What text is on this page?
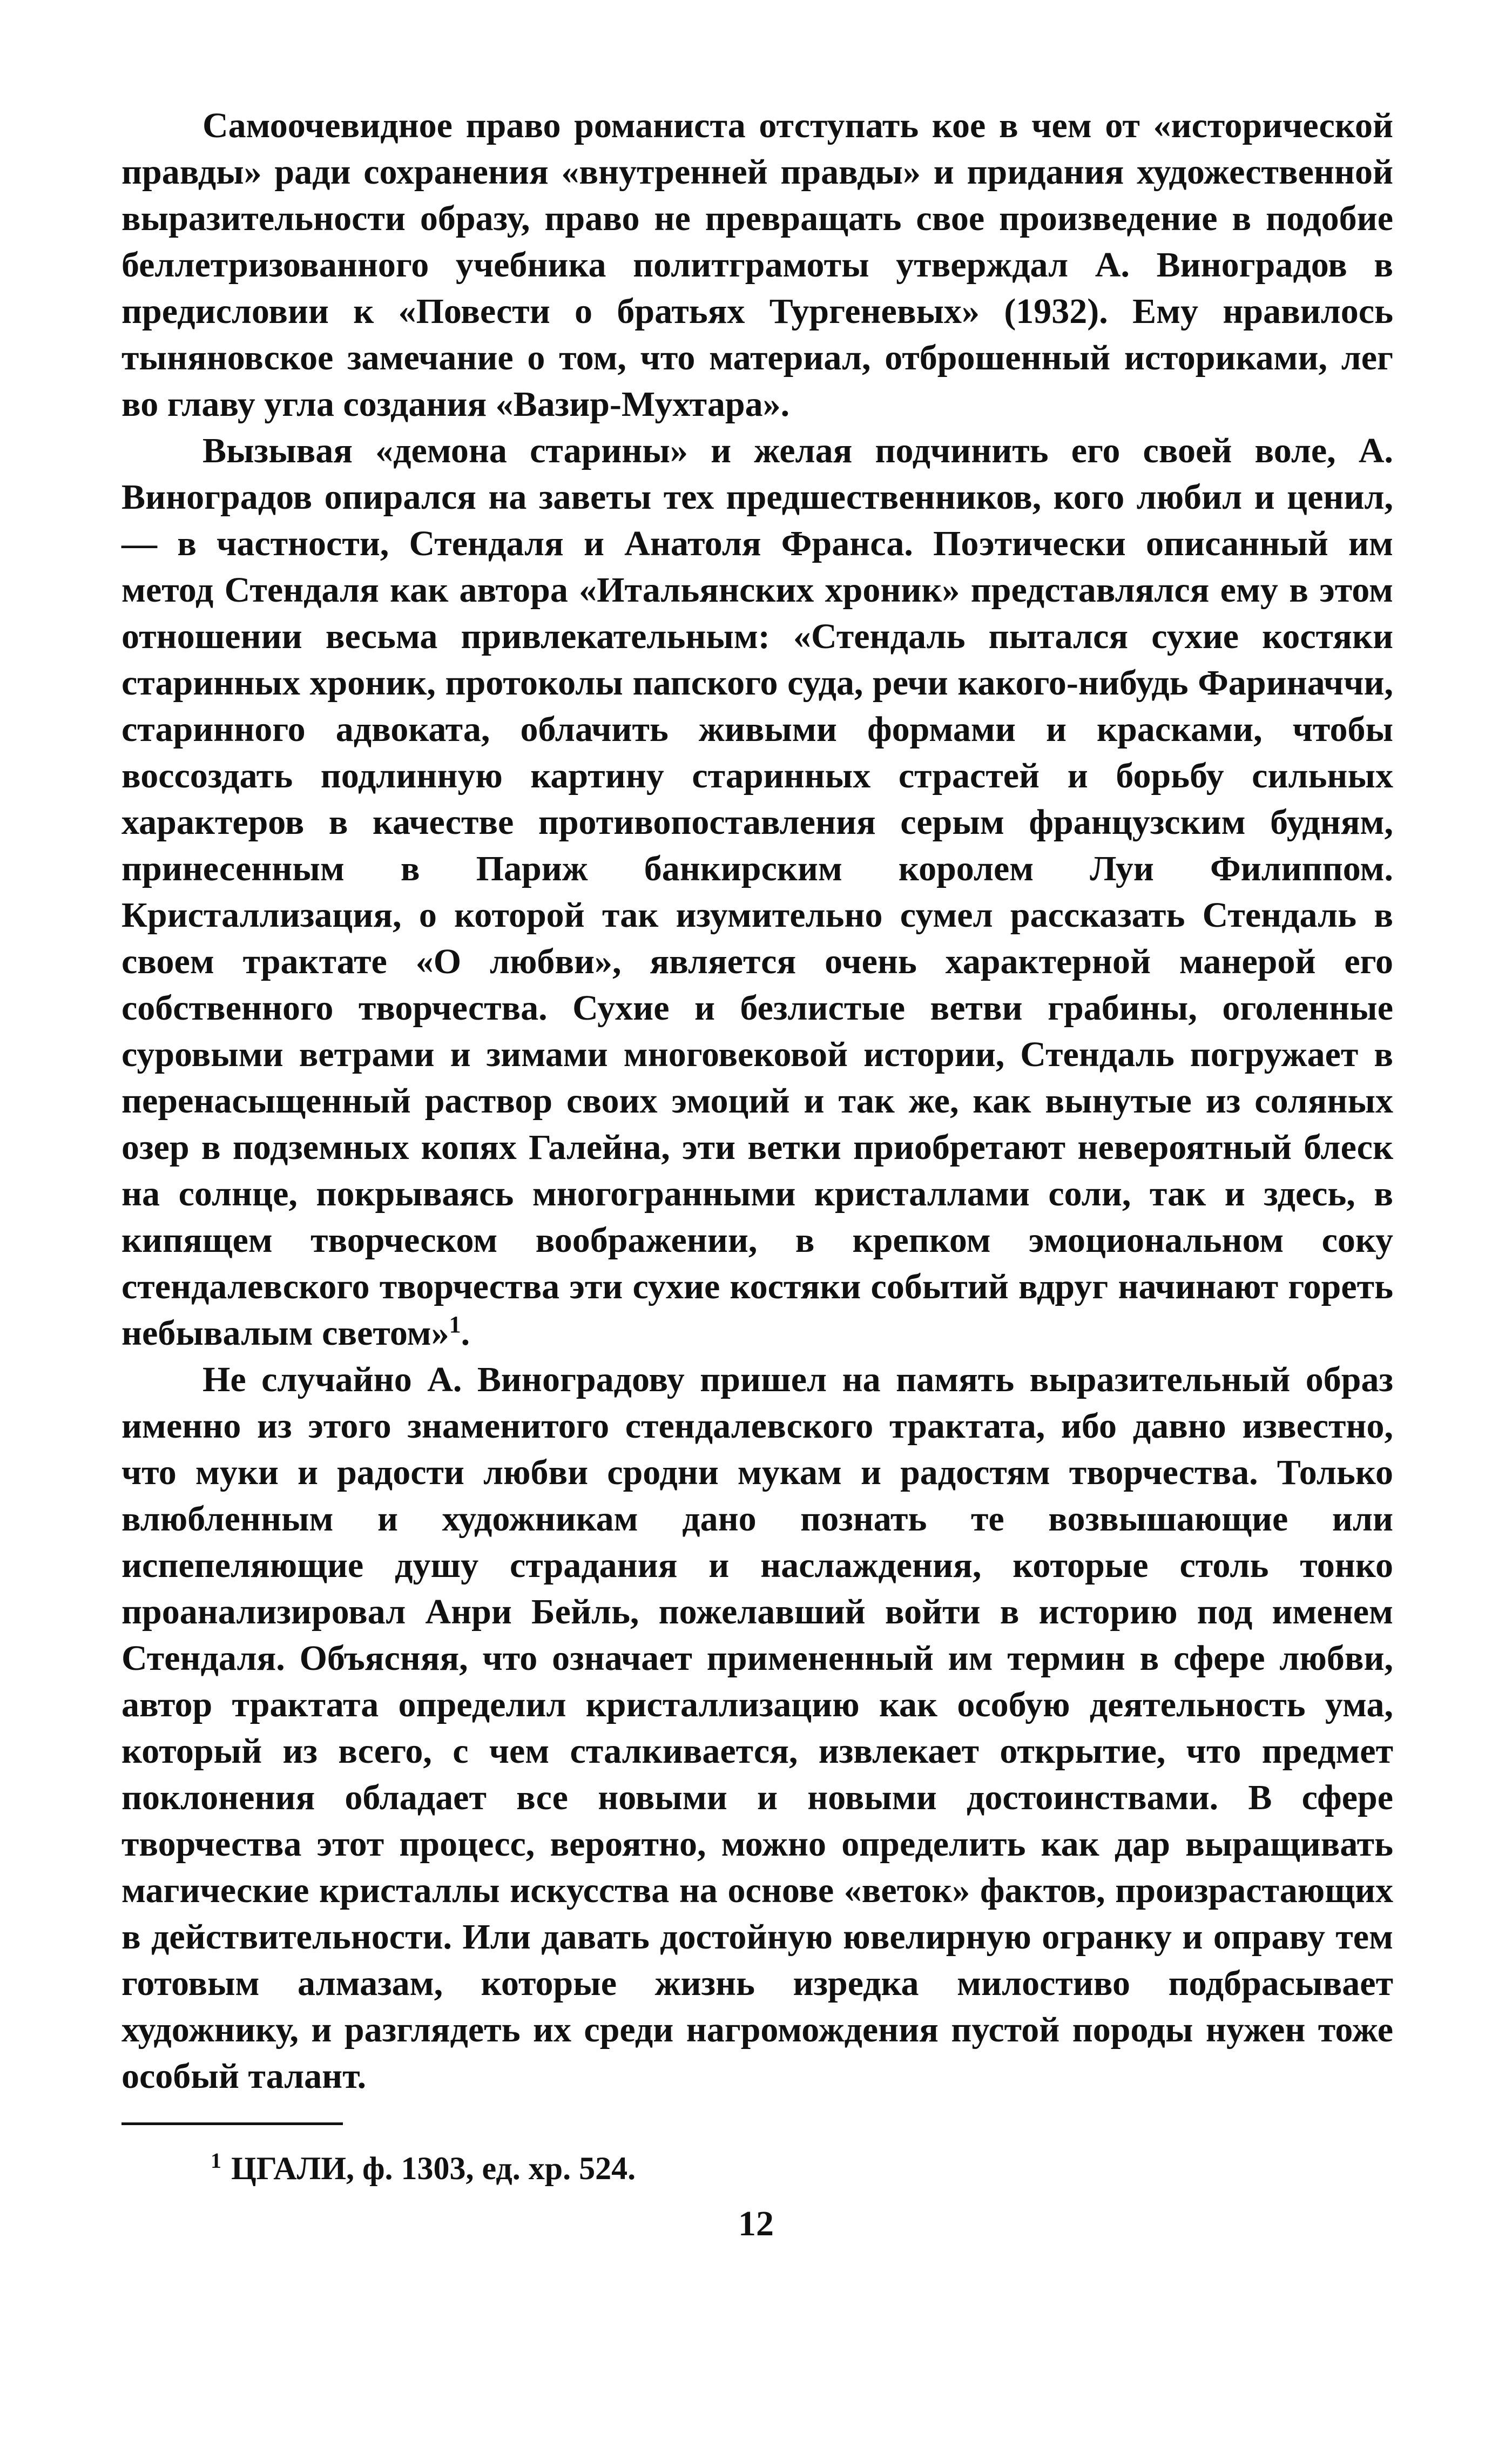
Самоочевидное право романиста отступать кое в чем от «исторической правды» ради сохранения «внутренней правды» и придания художественной выразительности образу, право не превращать свое произведение в подобие беллетризованного учебника политграмоты утверждал А. Виноградов в предисловии к «Повести о братьях Тургеневых» (1932). Ему нравилось тыняновское замечание о том, что материал, отброшенный историками, лег во главу угла создания «Вазир-Мухтара».

Вызывая «демона старины» и желая подчинить его своей воле, А. Виноградов опирался на заветы тех предшественников, кого любил и ценил,— в частности, Стендаля и Анатоля Франса. Поэтически описанный им метод Стендаля как автора «Итальянских хроник» представлялся ему в этом отношении весьма привлекательным: «Стендаль пытался сухие костяки старинных хроник, протоколы папского суда, речи какого-нибудь Фариначчи, старинного адвоката, облачить живыми формами и красками, чтобы воссоздать подлинную картину старинных страстей и борьбу сильных характеров в качестве противопоставления серым французским будням, принесенным в Париж банкирским королем Луи Филиппом. Кристаллизация, о которой так изумительно сумел рассказать Стендаль в своем трактате «О любви», является очень характерной манерой его собственного творчества. Сухие и безлистые ветви грабины, оголенные суровыми ветрами и зимами многовековой истории, Стендаль погружает в перенасыщенный раствор своих эмоций и так же, как вынутые из соляных озер в подземных копях Галейна, эти ветки приобретают невероятный блеск на солнце, покрываясь многогранными кристаллами соли, так и здесь, в кипящем творческом воображении, в крепком эмоциональном соку стендалевского творчества эти сухие костяки событий вдруг начинают гореть небывалым светом»$^1$.

Не случайно А. Виноградову пришел на память выразительный образ именно из этого знаменитого стендалевского трактата, ибо давно известно, что муки и радости любви сродни мукам и радостям творчества. Только влюбленным и художникам дано познать те возвышающие или испепеляющие душу страдания и наслаждения, которые столь тонко проанализировал Анри Бейль, пожелавший войти в историю под именем Стендаля. Объясняя, что означает примененный им термин в сфере любви, автор трактата определил кристаллизацию как особую деятельность ума, который из всего, с чем сталкивается, извлекает открытие, что предмет поклонения обладает все новыми и новыми достоинствами. В сфере творчества этот процесс, вероятно, можно определить как дар выращивать магические кристаллы искусства на основе «веток» фактов, произрастающих в действительности. Или давать достойную ювелирную огранку и оправу тем готовым алмазам, которые жизнь изредка милостиво подбрасывает художнику, и разглядеть их среди нагромождения пустой породы нужен тоже особый талант.

$^1$ ЦГАЛИ, ф. 1303, ед. хр. 524.

12
